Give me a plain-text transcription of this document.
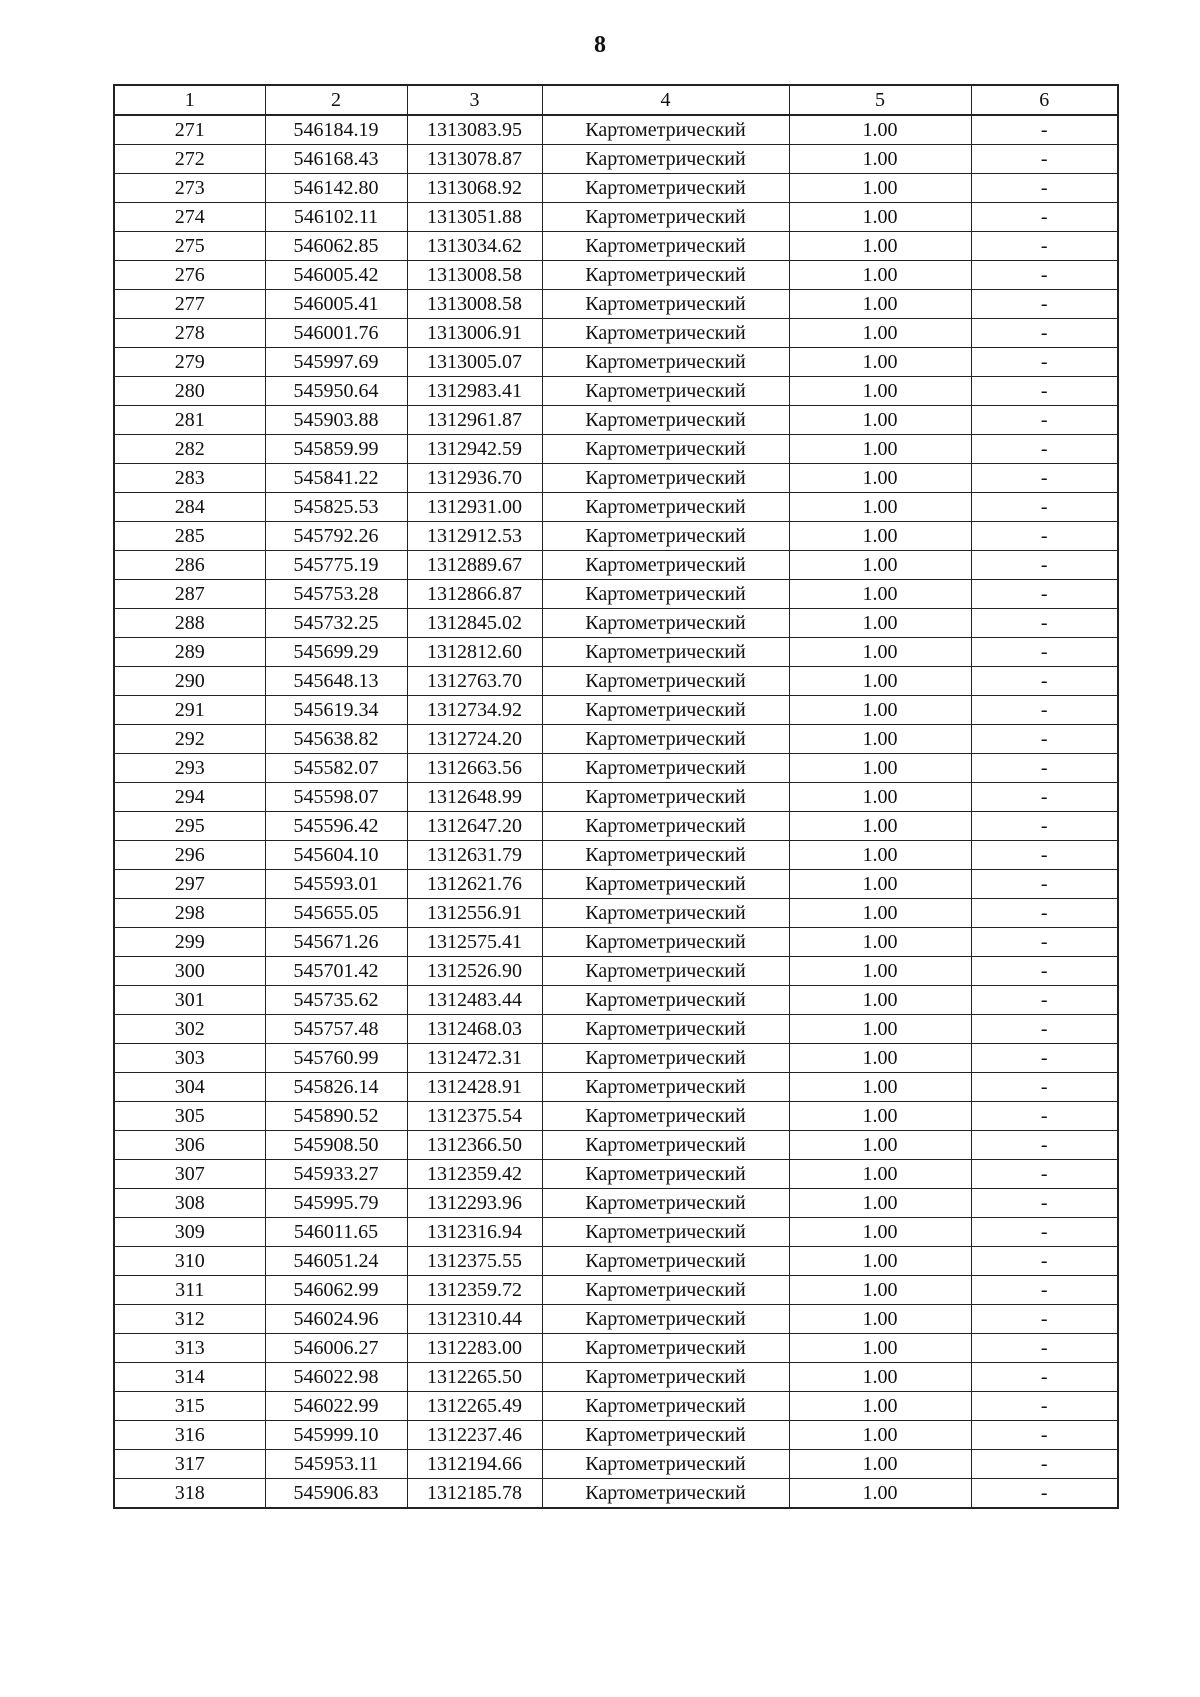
8
1	2	3	4	5	6
271	546184.19	1313083.95	Картометрический	1.00	-
272	546168.43	1313078.87	Картометрический	1.00	-
273	546142.80	1313068.92	Картометрический	1.00	-
274	546102.11	1313051.88	Картометрический	1.00	-
275	546062.85	1313034.62	Картометрический	1.00	-
276	546005.42	1313008.58	Картометрический	1.00	-
277	546005.41	1313008.58	Картометрический	1.00	-
278	546001.76	1313006.91	Картометрический	1.00	-
279	545997.69	1313005.07	Картометрический	1.00	-
280	545950.64	1312983.41	Картометрический	1.00	-
281	545903.88	1312961.87	Картометрический	1.00	-
282	545859.99	1312942.59	Картометрический	1.00	-
283	545841.22	1312936.70	Картометрический	1.00	-
284	545825.53	1312931.00	Картометрический	1.00	-
285	545792.26	1312912.53	Картометрический	1.00	-
286	545775.19	1312889.67	Картометрический	1.00	-
287	545753.28	1312866.87	Картометрический	1.00	-
288	545732.25	1312845.02	Картометрический	1.00	-
289	545699.29	1312812.60	Картометрический	1.00	-
290	545648.13	1312763.70	Картометрический	1.00	-
291	545619.34	1312734.92	Картометрический	1.00	-
292	545638.82	1312724.20	Картометрический	1.00	-
293	545582.07	1312663.56	Картометрический	1.00	-
294	545598.07	1312648.99	Картометрический	1.00	-
295	545596.42	1312647.20	Картометрический	1.00	-
296	545604.10	1312631.79	Картометрический	1.00	-
297	545593.01	1312621.76	Картометрический	1.00	-
298	545655.05	1312556.91	Картометрический	1.00	-
299	545671.26	1312575.41	Картометрический	1.00	-
300	545701.42	1312526.90	Картометрический	1.00	-
301	545735.62	1312483.44	Картометрический	1.00	-
302	545757.48	1312468.03	Картометрический	1.00	-
303	545760.99	1312472.31	Картометрический	1.00	-
304	545826.14	1312428.91	Картометрический	1.00	-
305	545890.52	1312375.54	Картометрический	1.00	-
306	545908.50	1312366.50	Картометрический	1.00	-
307	545933.27	1312359.42	Картометрический	1.00	-
308	545995.79	1312293.96	Картометрический	1.00	-
309	546011.65	1312316.94	Картометрический	1.00	-
310	546051.24	1312375.55	Картометрический	1.00	-
311	546062.99	1312359.72	Картометрический	1.00	-
312	546024.96	1312310.44	Картометрический	1.00	-
313	546006.27	1312283.00	Картометрический	1.00	-
314	546022.98	1312265.50	Картометрический	1.00	-
315	546022.99	1312265.49	Картометрический	1.00	-
316	545999.10	1312237.46	Картометрический	1.00	-
317	545953.11	1312194.66	Картометрический	1.00	-
318	545906.83	1312185.78	Картометрический	1.00	-
